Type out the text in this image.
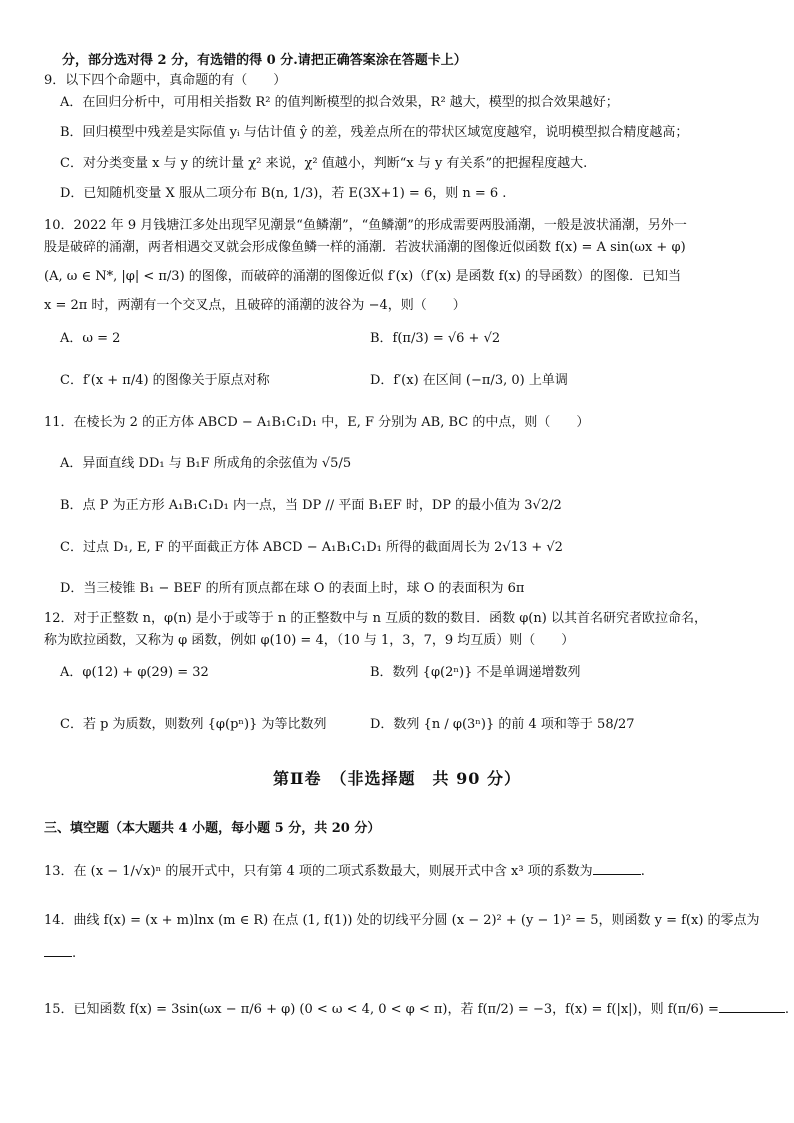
分，部分选对得 2 分，有选错的得 0 分.请把正确答案涂在答题卡上）
9．以下四个命题中，真命题的有（　　）
A．在回归分析中，可用相关指数 R² 的值判断模型的拟合效果，R² 越大，模型的拟合效果越好；
B．回归模型中残差是实际值 yᵢ 与估计值 ŷ 的差，残差点所在的带状区域宽度越窄，说明模型拟合精度越高；
C．对分类变量 x 与 y 的统计量 χ² 来说，χ² 值越小，判断“x 与 y 有关系”的把握程度越大.
D．已知随机变量 X 服从二项分布 B(n, 1/3)，若 E(3X+1) = 6，则 n = 6 .
10．2022 年 9 月钱塘江多处出现罕见潮景“鱼鳞潮”，“鱼鳞潮”的形成需要两股涌潮，一般是波状涌潮，另外一
股是破碎的涌潮，两者相遇交叉就会形成像鱼鳞一样的涌潮．若波状涌潮的图像近似函数 f(x) = A sin(ωx + φ)
(A, ω ∈ N*, |φ| < π/3) 的图像，而破碎的涌潮的图像近似 f′(x)（f′(x) 是函数 f(x) 的导函数）的图像．已知当
x = 2π 时，两潮有一个交叉点，且破碎的涌潮的波谷为 −4，则（　　）
A．ω = 2	B．f(π/3) = √6 + √2
C．f′(x + π/4) 的图像关于原点对称	D．f′(x) 在区间 (−π/3, 0) 上单调
11．在棱长为 2 的正方体 ABCD − A₁B₁C₁D₁ 中，E, F 分别为 AB, BC 的中点，则（　　）
A．异面直线 DD₁ 与 B₁F 所成角的余弦值为 √5/5
B．点 P 为正方形 A₁B₁C₁D₁ 内一点，当 DP // 平面 B₁EF 时，DP 的最小值为 3√2/2
C．过点 D₁, E, F 的平面截正方体 ABCD − A₁B₁C₁D₁ 所得的截面周长为 2√13 + √2
D．当三棱锥 B₁ − BEF 的所有顶点都在球 O 的表面上时，球 O 的表面积为 6π
12．对于正整数 n，φ(n) 是小于或等于 n 的正整数中与 n 互质的数的数目．函数 φ(n) 以其首名研究者欧拉命名，
称为欧拉函数，又称为 φ 函数，例如 φ(10) = 4，（10 与 1，3，7，9 均互质）则（　　）
A．φ(12) + φ(29) = 32	B．数列 {φ(2ⁿ)} 不是单调递增数列
C．若 p 为质数，则数列 {φ(pⁿ)} 为等比数列	D．数列 {n / φ(3ⁿ)} 的前 4 项和等于 58/27
第Ⅱ卷　（非选择题　共 90 分）
三、填空题（本大题共 4 小题，每小题 5 分，共 20 分）
13．在 (x − 1/√x)ⁿ 的展开式中，只有第 4 项的二项式系数最大，则展开式中含 x³ 项的系数为	.
14．曲线 f(x) = (x + m)lnx (m ∈ R) 在点 (1, f(1)) 处的切线平分圆 (x − 2)² + (y − 1)² = 5，则函数 y = f(x) 的零点为
.
15．已知函数 f(x) = 3sin(ωx − π/6 + φ) (0 < ω < 4, 0 < φ < π)，若 f(π/2) = −3，f(x) = f(|x|)，则 f(π/6) =	.
